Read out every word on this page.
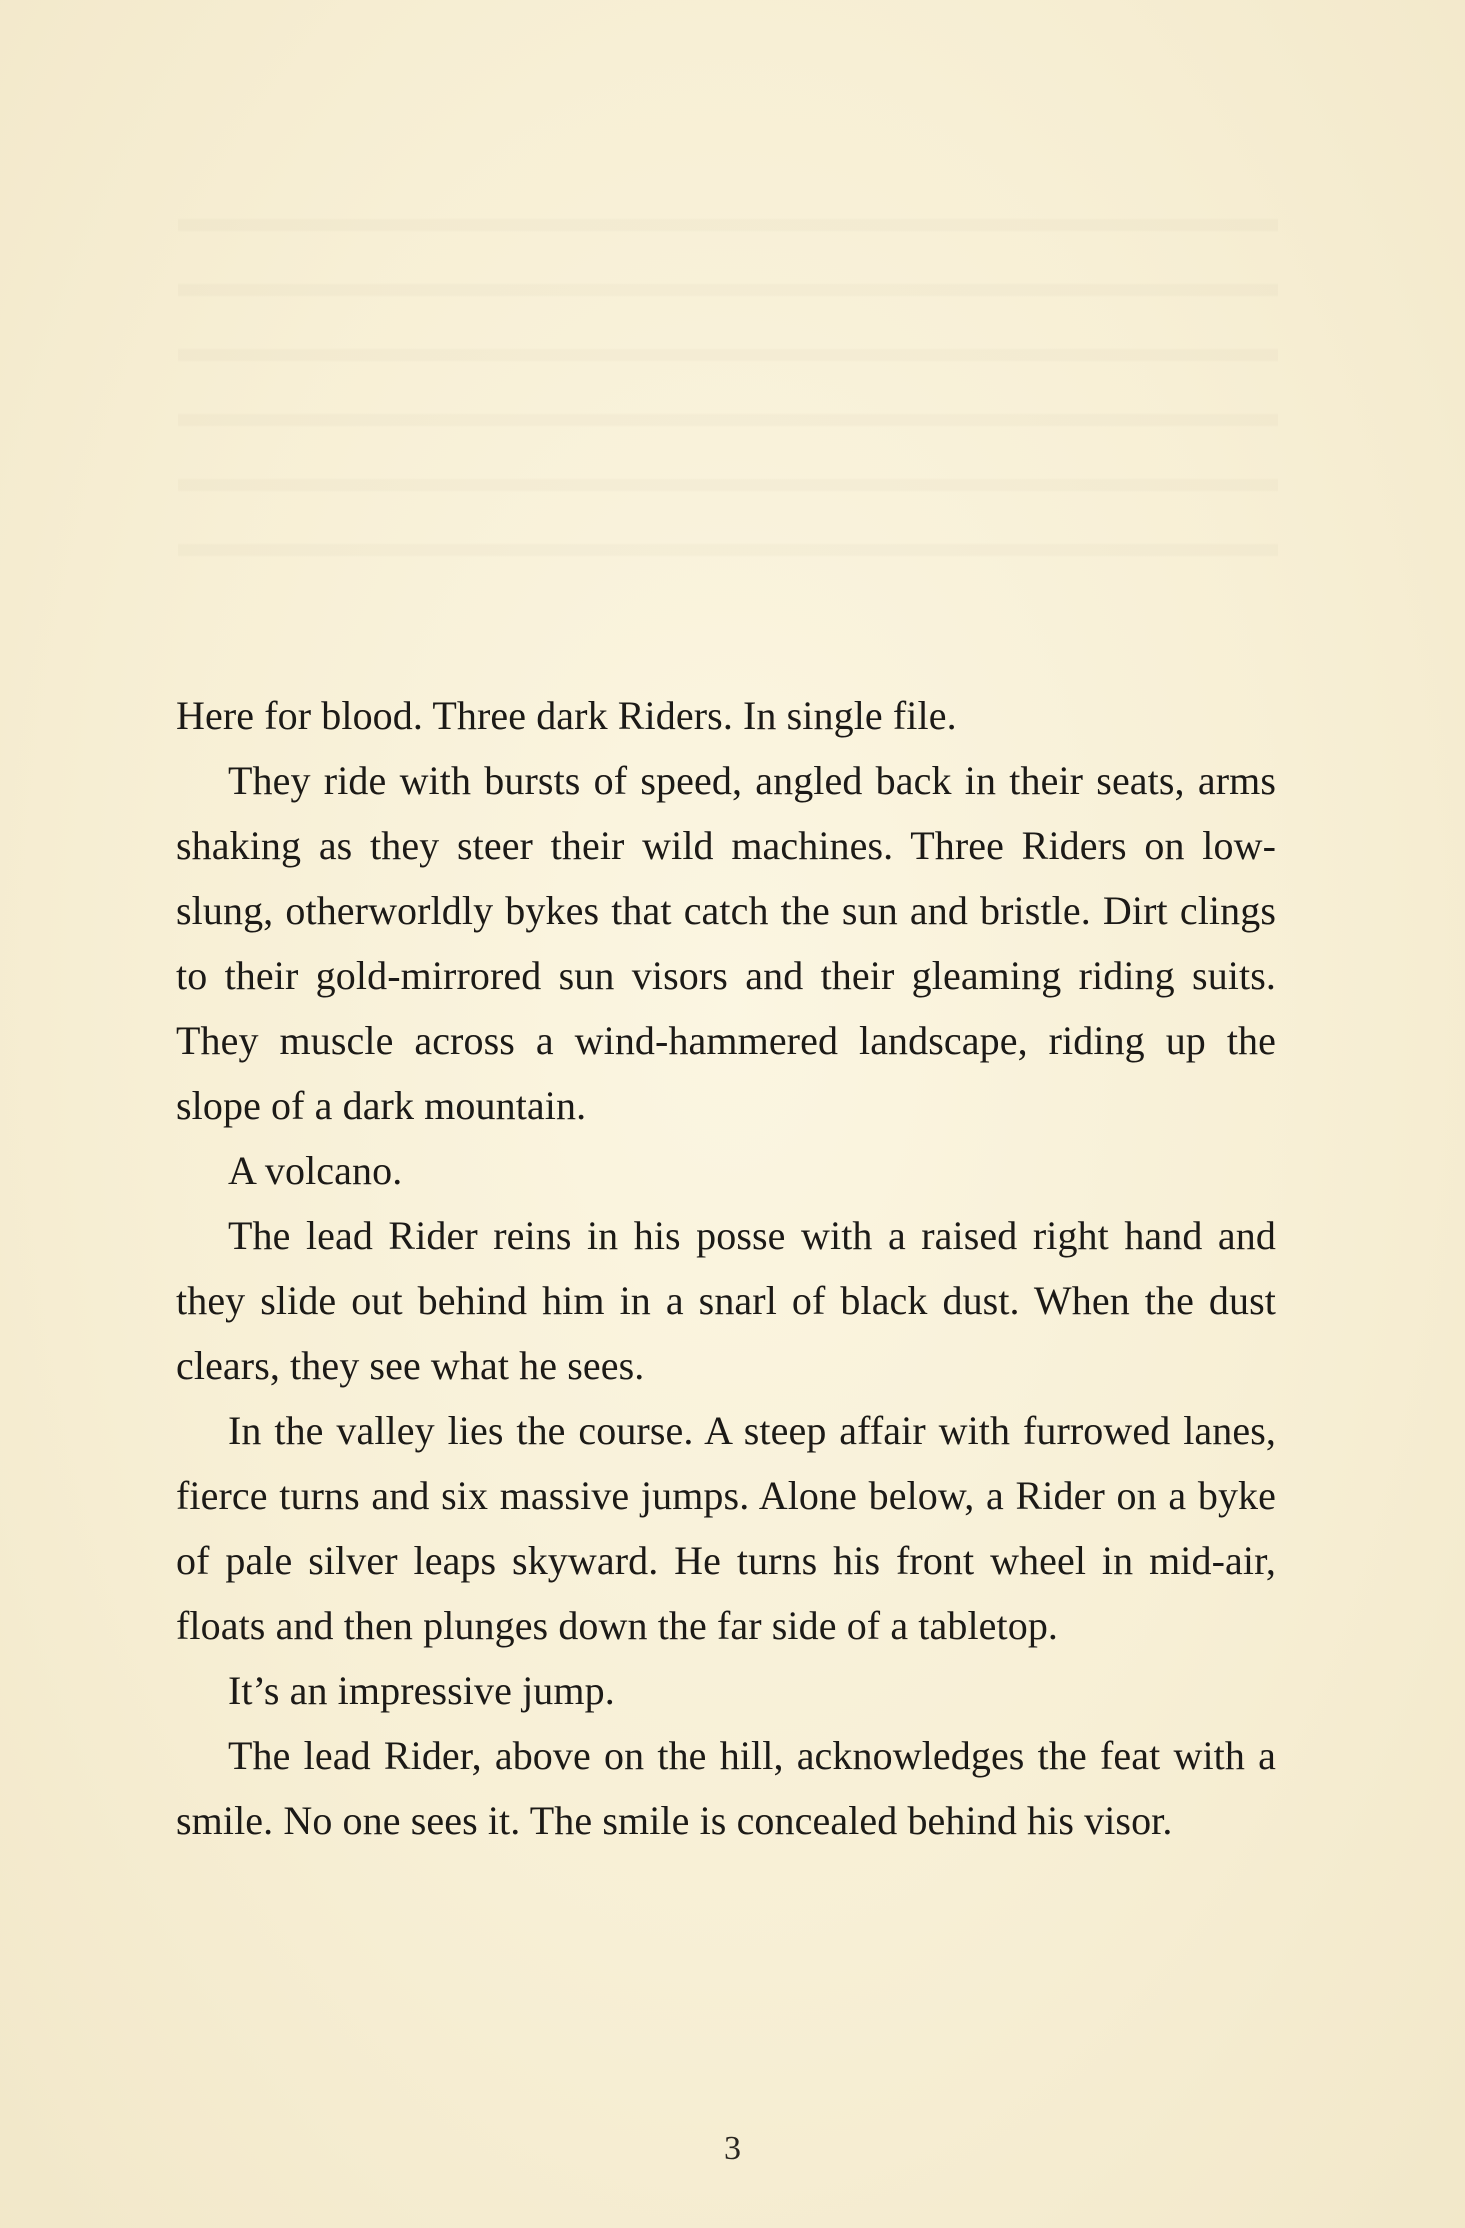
Here for blood. Three dark Riders. In single file.

They ride with bursts of speed, angled back in their seats, arms shaking as they steer their wild machines. Three Riders on low-slung, otherworldly bykes that catch the sun and bristle. Dirt clings to their gold-mirrored sun visors and their gleaming riding suits. They muscle across a wind-hammered landscape, riding up the slope of a dark mountain.

A volcano.

The lead Rider reins in his posse with a raised right hand and they slide out behind him in a snarl of black dust. When the dust clears, they see what he sees.

In the valley lies the course. A steep affair with furrowed lanes, fierce turns and six massive jumps. Alone below, a Rider on a byke of pale silver leaps skyward. He turns his front wheel in mid-air, floats and then plunges down the far side of a tabletop.

It’s an impressive jump.

The lead Rider, above on the hill, acknowledges the feat with a smile. No one sees it. The smile is concealed behind his visor.

3
